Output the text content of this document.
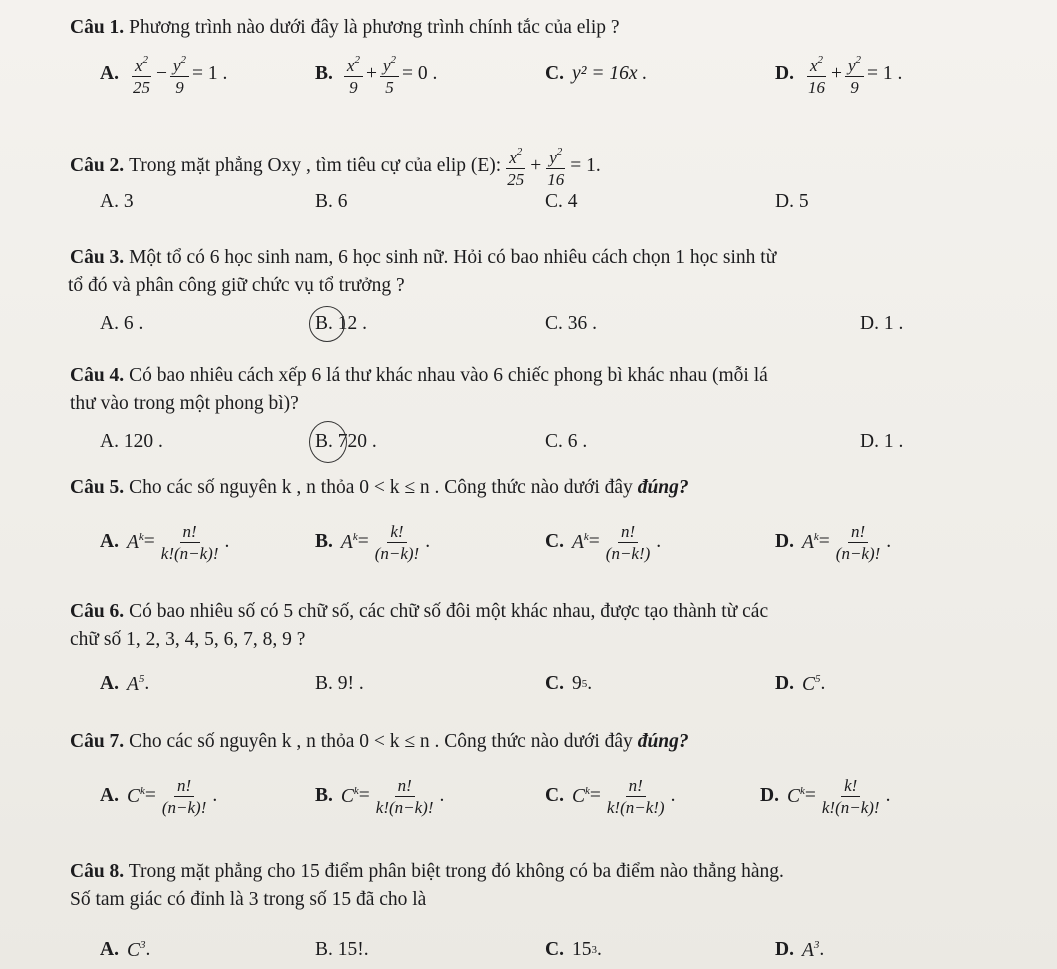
Câu 1. Phương trình nào dưới đây là phương trình chính tắc của elip ?
A. $\frac{x^2}{25} - \frac{y^2}{9} = 1$ .	B. $\frac{x^2}{9} + \frac{y^2}{5} = 0$ .	C. y² = 16x .	D. $\frac{x^2}{16} + \frac{y^2}{9} = 1$ .
Câu 2.
Trong mặt phẳng Oxy , tìm tiêu cự của elip (E): $\frac{x^2}{25} + \frac{y^2}{16} = 1$.
A. 3	B. 6	C. 4	D. 5
Câu 3. Một tổ có 6 học sinh nam, 6 học sinh nữ. Hỏi có bao nhiêu cách chọn 1 học sinh từ
tổ đó và phân công giữ chức vụ tổ trưởng ?
A. 6 .	B.
12 .	C. 36 .	D. 1 .
Câu 4. Có bao nhiêu cách xếp 6 lá thư khác nhau vào 6 chiếc phong bì khác nhau (mỗi lá
thư vào trong một phong bì)?
A. 120 .	B.
720 .	C. 6 .	D. 1 .
Câu 5. Cho các số nguyên k , n thỏa 0 < k ≤ n . Công thức nào dưới đây đúng?
A. $A^k = \frac{n!}{k!(n-k)!}$ .	B. $A^k = \frac{k!}{(n-k)!}$ .	C. $A^k = \frac{n!}{(n-k!)}$ .	D. $A^k = \frac{n!}{(n-k)!}$ .
Câu 6. Có bao nhiêu số có 5 chữ số, các chữ số đôi một khác nhau, được tạo thành từ các
chữ số 1, 2, 3, 4, 5, 6, 7, 8, 9 ?
A. $A^5$ .	B. 9! .	C. 9 5 .	D. $C^5$ .
Câu 7. Cho các số nguyên k , n thỏa 0 < k ≤ n . Công thức nào dưới đây đúng?
A. $C^k = \frac{n!}{(n-k)!}$ .	B. $C^k = \frac{n!}{k!(n-k)!}$ .	C. $C^k = \frac{n!}{k!(n-k!)}$ .	D. $C^k = \frac{k!}{k!(n-k)!}$ .
Câu 8. Trong mặt phẳng cho 15 điểm phân biệt trong đó không có ba điểm nào thẳng hàng.
Số tam giác có đỉnh là 3 trong số 15 đã cho là
A. $C^3$ .	B. 15!.	C. 15 3 .	D. $A^3$ .
